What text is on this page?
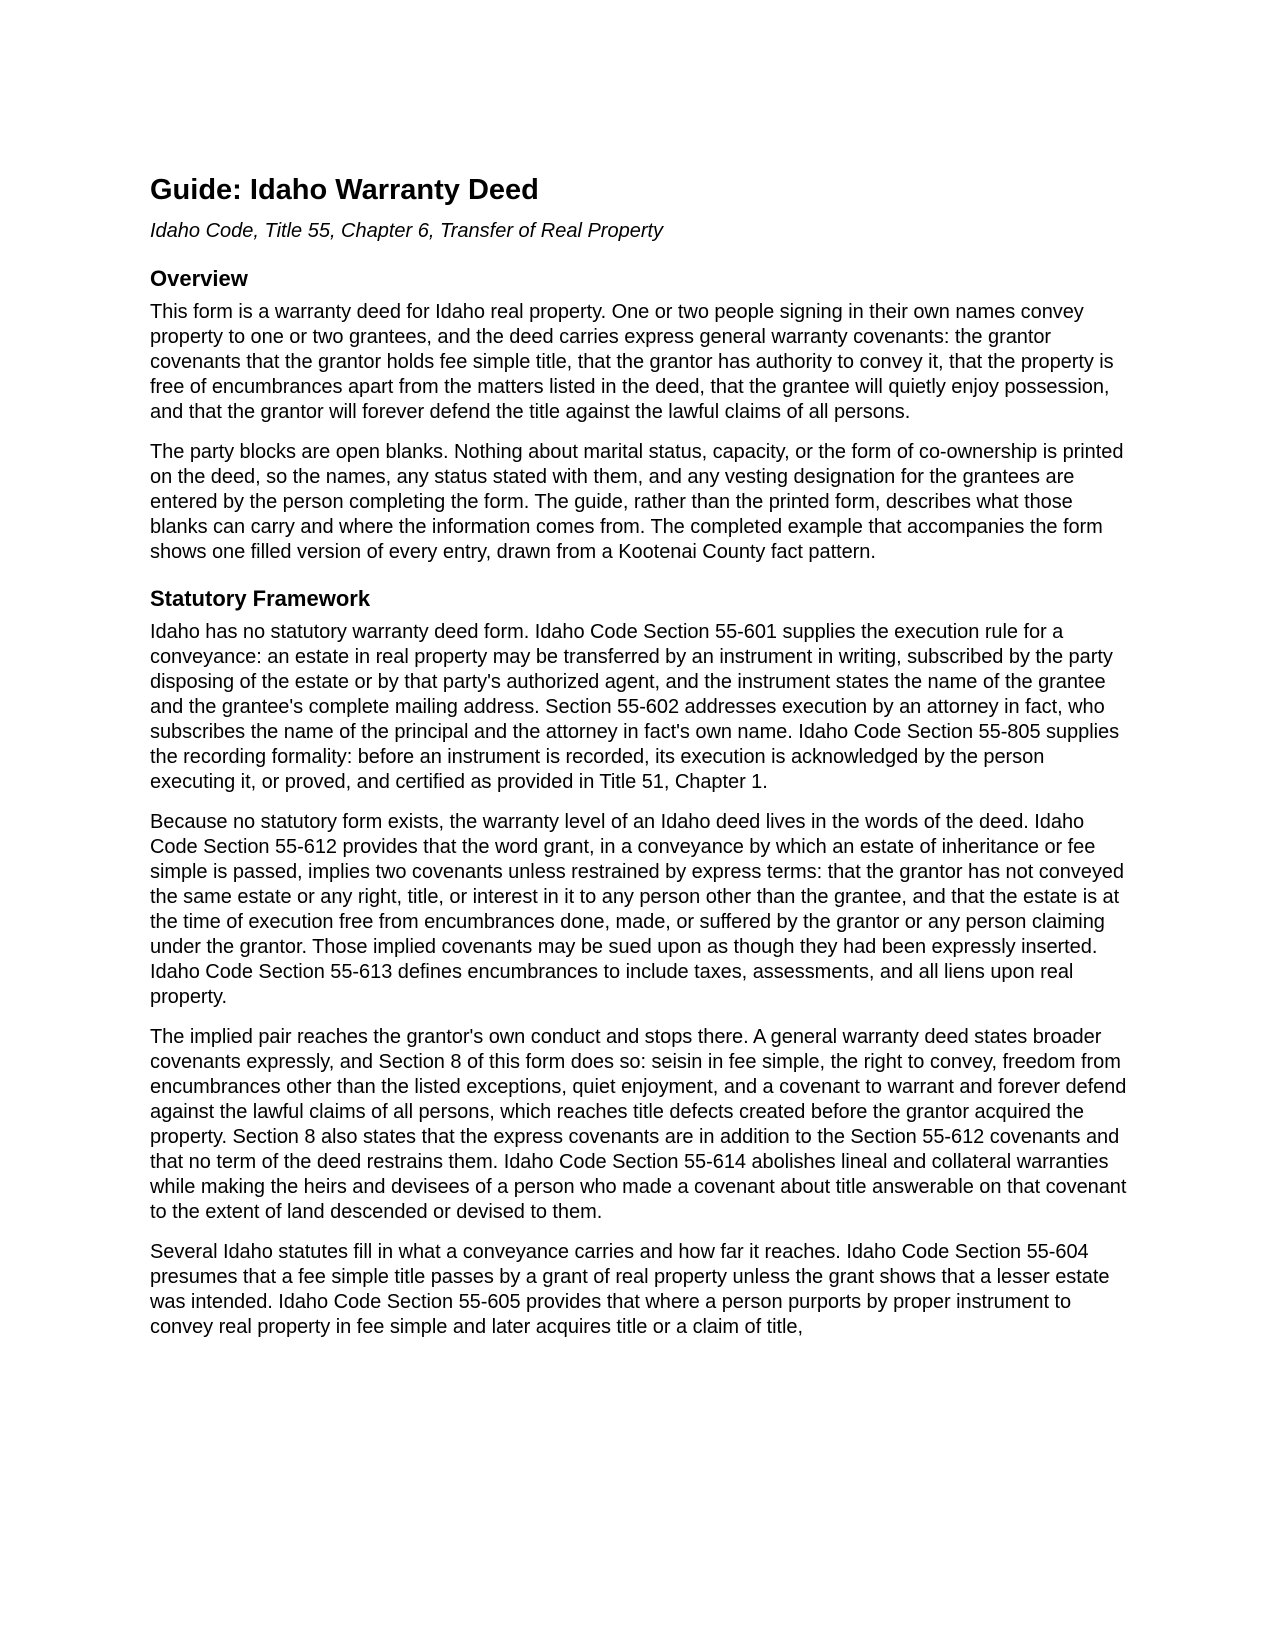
Guide: Idaho Warranty Deed

Idaho Code, Title 55, Chapter 6, Transfer of Real Property

Overview

This form is a warranty deed for Idaho real property. One or two people signing in their own names convey property to one or two grantees, and the deed carries express general warranty covenants: the grantor covenants that the grantor holds fee simple title, that the grantor has authority to convey it, that the property is free of encumbrances apart from the matters listed in the deed, that the grantee will quietly enjoy possession, and that the grantor will forever defend the title against the lawful claims of all persons.

The party blocks are open blanks. Nothing about marital status, capacity, or the form of co-ownership is printed on the deed, so the names, any status stated with them, and any vesting designation for the grantees are entered by the person completing the form. The guide, rather than the printed form, describes what those blanks can carry and where the information comes from. The completed example that accompanies the form shows one filled version of every entry, drawn from a Kootenai County fact pattern.

Statutory Framework

Idaho has no statutory warranty deed form. Idaho Code Section 55-601 supplies the execution rule for a conveyance: an estate in real property may be transferred by an instrument in writing, subscribed by the party disposing of the estate or by that party's authorized agent, and the instrument states the name of the grantee and the grantee's complete mailing address. Section 55-602 addresses execution by an attorney in fact, who subscribes the name of the principal and the attorney in fact's own name. Idaho Code Section 55-805 supplies the recording formality: before an instrument is recorded, its execution is acknowledged by the person executing it, or proved, and certified as provided in Title 51, Chapter 1.

Because no statutory form exists, the warranty level of an Idaho deed lives in the words of the deed. Idaho Code Section 55-612 provides that the word grant, in a conveyance by which an estate of inheritance or fee simple is passed, implies two covenants unless restrained by express terms: that the grantor has not conveyed the same estate or any right, title, or interest in it to any person other than the grantee, and that the estate is at the time of execution free from encumbrances done, made, or suffered by the grantor or any person claiming under the grantor. Those implied covenants may be sued upon as though they had been expressly inserted. Idaho Code Section 55-613 defines encumbrances to include taxes, assessments, and all liens upon real property.

The implied pair reaches the grantor's own conduct and stops there. A general warranty deed states broader covenants expressly, and Section 8 of this form does so: seisin in fee simple, the right to convey, freedom from encumbrances other than the listed exceptions, quiet enjoyment, and a covenant to warrant and forever defend against the lawful claims of all persons, which reaches title defects created before the grantor acquired the property. Section 8 also states that the express covenants are in addition to the Section 55-612 covenants and that no term of the deed restrains them. Idaho Code Section 55-614 abolishes lineal and collateral warranties while making the heirs and devisees of a person who made a covenant about title answerable on that covenant to the extent of land descended or devised to them.

Several Idaho statutes fill in what a conveyance carries and how far it reaches. Idaho Code Section 55-604 presumes that a fee simple title passes by a grant of real property unless the grant shows that a lesser estate was intended. Idaho Code Section 55-605 provides that where a person purports by proper instrument to convey real property in fee simple and later acquires title or a claim of title,
